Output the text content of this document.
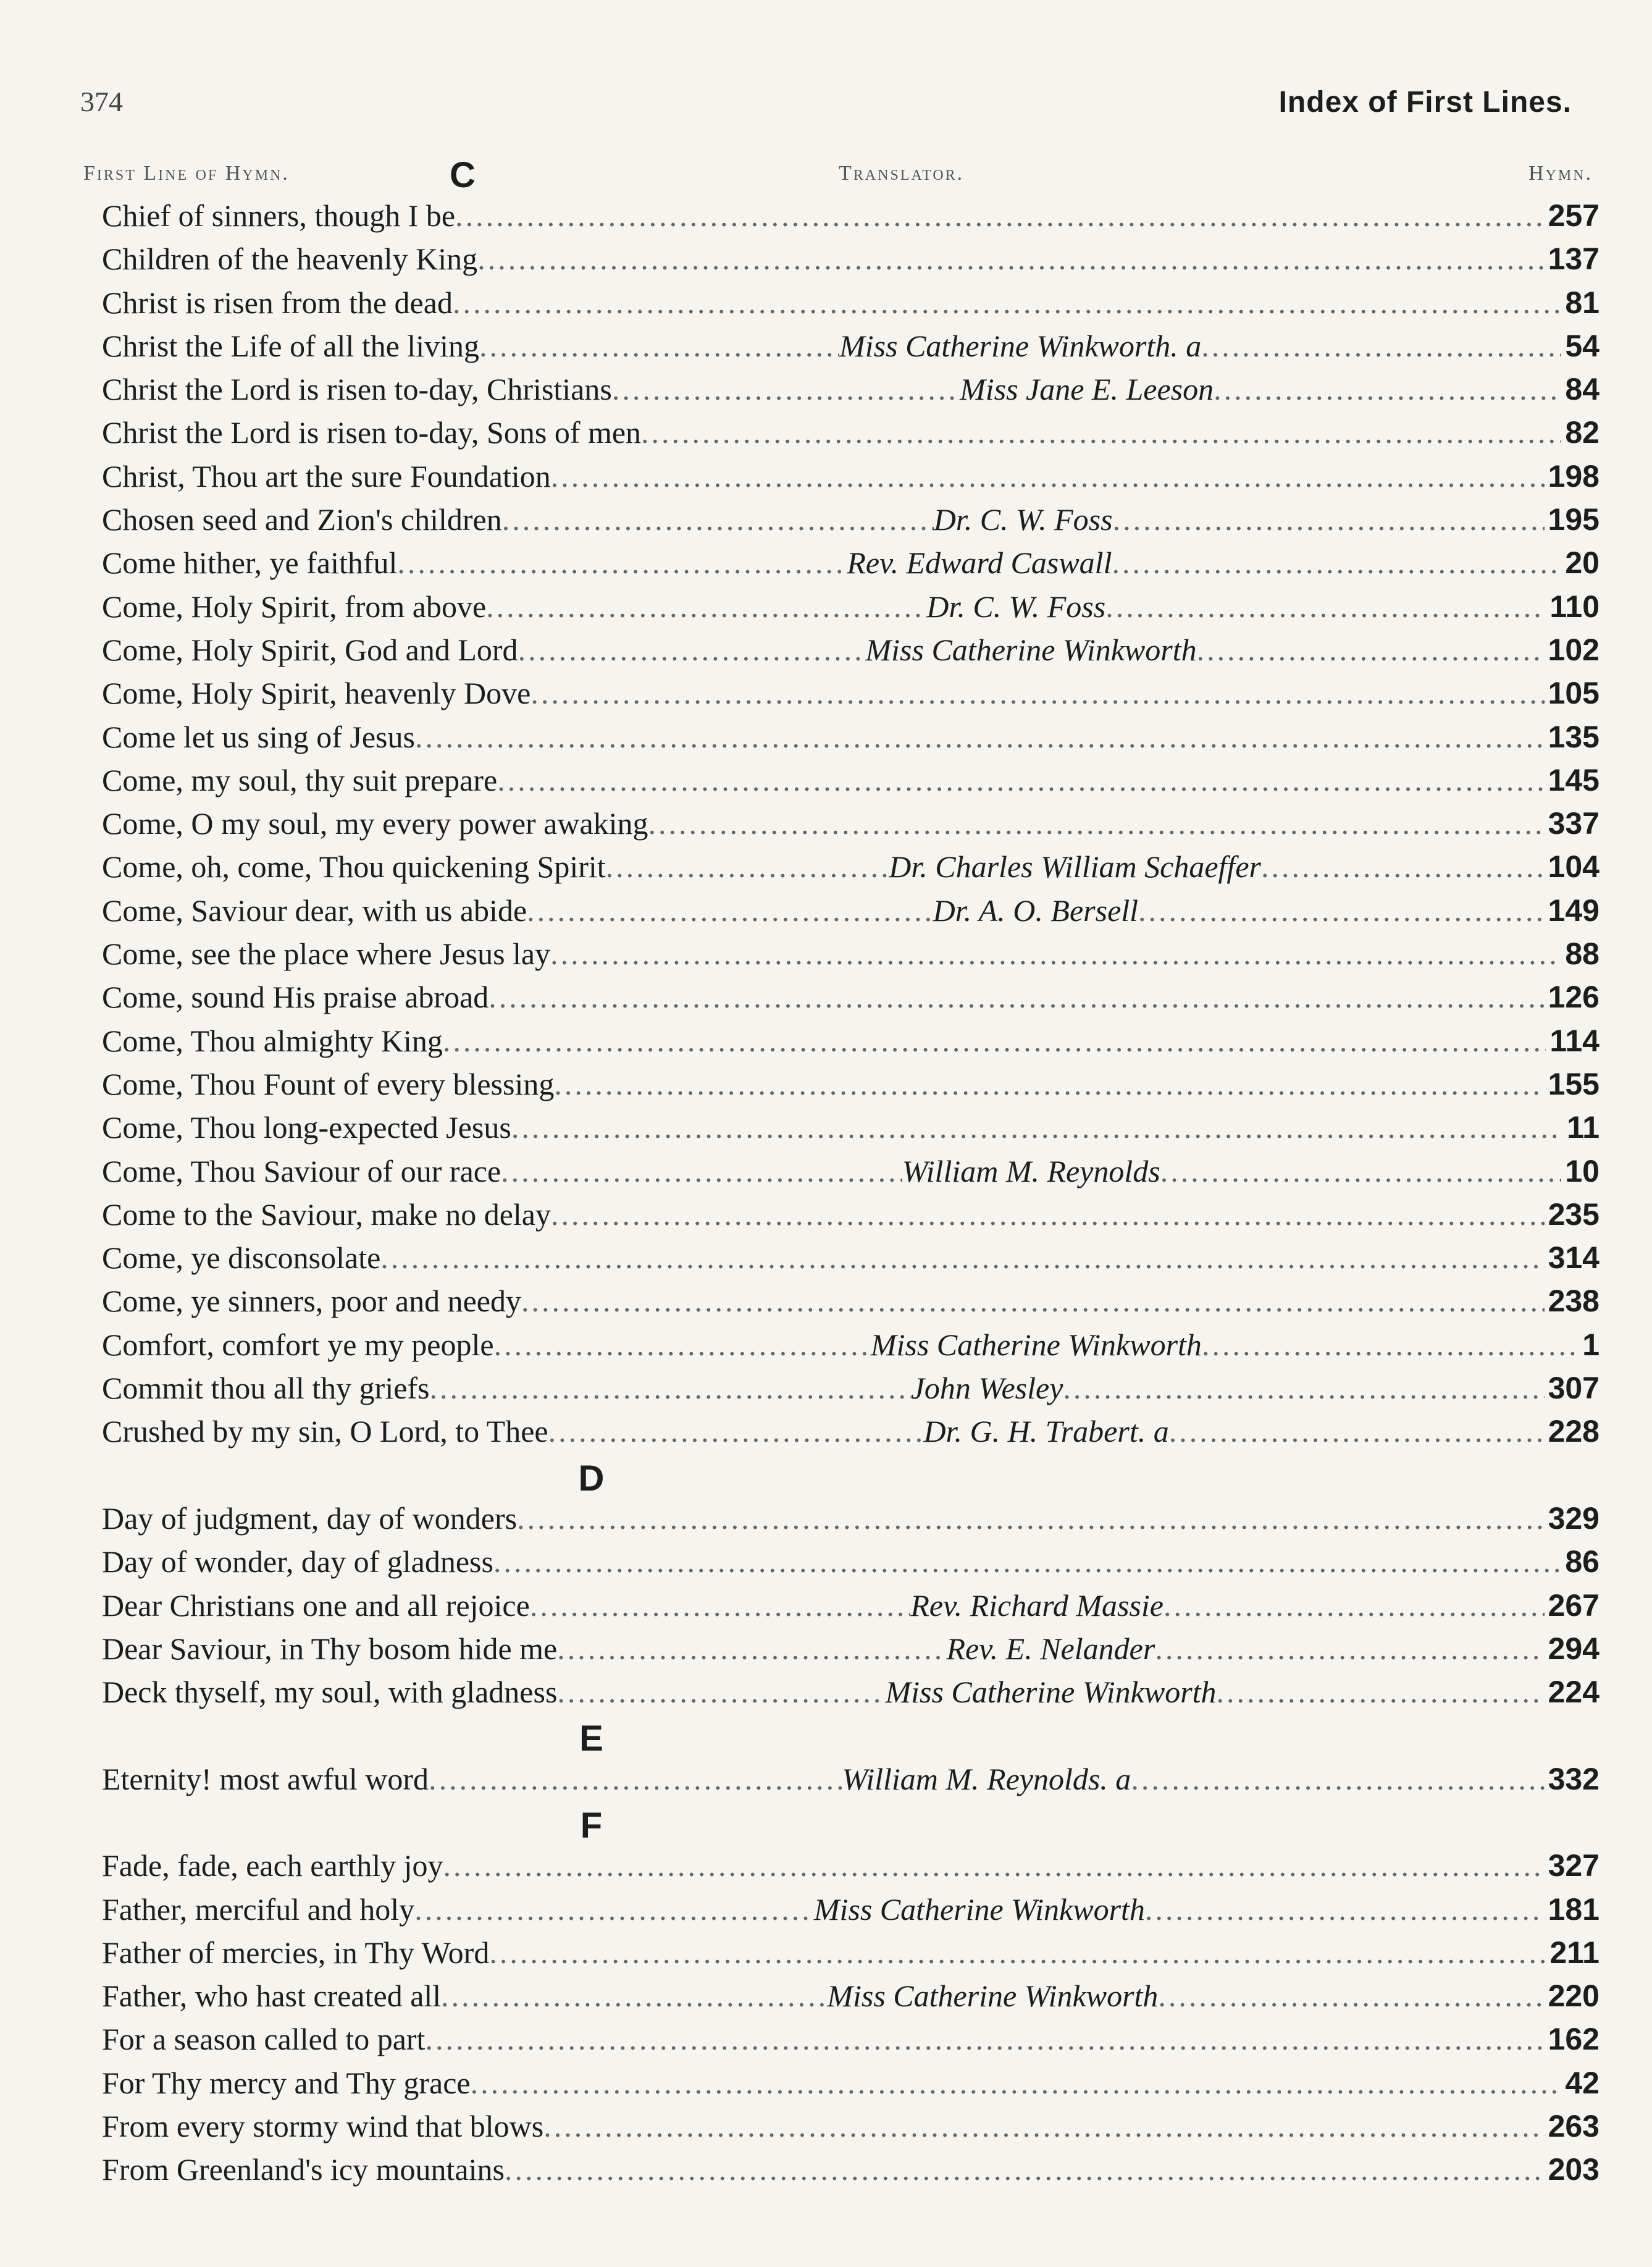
374	Index of First Lines.
First Line of Hymn.	C	Translator.	Hymn.
Chief of sinners, though I be .....	257
Children of the heavenly King .....	137
Christ is risen from the dead .....	81
Christ the Life of all the living .....	Miss Catherine Winkworth. a .....	54
Christ the Lord is risen to-day, Christians .....	Miss Jane E. Leeson .....	84
Christ the Lord is risen to-day, Sons of men .....	82
Christ, Thou art the sure Foundation .....	198
Chosen seed and Zion's children .....	Dr. C. W. Foss .....	195
Come hither, ye faithful .....	Rev. Edward Caswall .....	20
Come, Holy Spirit, from above .....	Dr. C. W. Foss .....	110
Come, Holy Spirit, God and Lord .....	Miss Catherine Winkworth .....	102
Come, Holy Spirit, heavenly Dove .....	105
Come let us sing of Jesus .....	135
Come, my soul, thy suit prepare .....	145
Come, O my soul, my every power awaking .....	337
Come, oh, come, Thou quickening Spirit .....	Dr. Charles William Schaeffer .....	104
Come, Saviour dear, with us abide .....	Dr. A. O. Bersell .....	149
Come, see the place where Jesus lay .....	88
Come, sound His praise abroad .....	126
Come, Thou almighty King .....	114
Come, Thou Fount of every blessing .....	155
Come, Thou long-expected Jesus .....	11
Come, Thou Saviour of our race .....	William M. Reynolds .....	10
Come to the Saviour, make no delay .....	235
Come, ye disconsolate .....	314
Come, ye sinners, poor and needy .....	238
Comfort, comfort ye my people .....	Miss Catherine Winkworth .....	1
Commit thou all thy griefs .....	John Wesley .....	307
Crushed by my sin, O Lord, to Thee .....	Dr. G. H. Trabert. a .....	228
D
Day of judgment, day of wonders .....	329
Day of wonder, day of gladness .....	86
Dear Christians one and all rejoice .....	Rev. Richard Massie .....	267
Dear Saviour, in Thy bosom hide me .....	Rev. E. Nelander .....	294
Deck thyself, my soul, with gladness .....	Miss Catherine Winkworth .....	224
E
Eternity! most awful word .....	William M. Reynolds. a .....	332
F
Fade, fade, each earthly joy .....	327
Father, merciful and holy .....	Miss Catherine Winkworth .....	181
Father of mercies, in Thy Word .....	211
Father, who hast created all .....	Miss Catherine Winkworth .....	220
For a season called to part .....	162
For Thy mercy and Thy grace .....	42
From every stormy wind that blows .....	263
From Greenland's icy mountains .....	203
